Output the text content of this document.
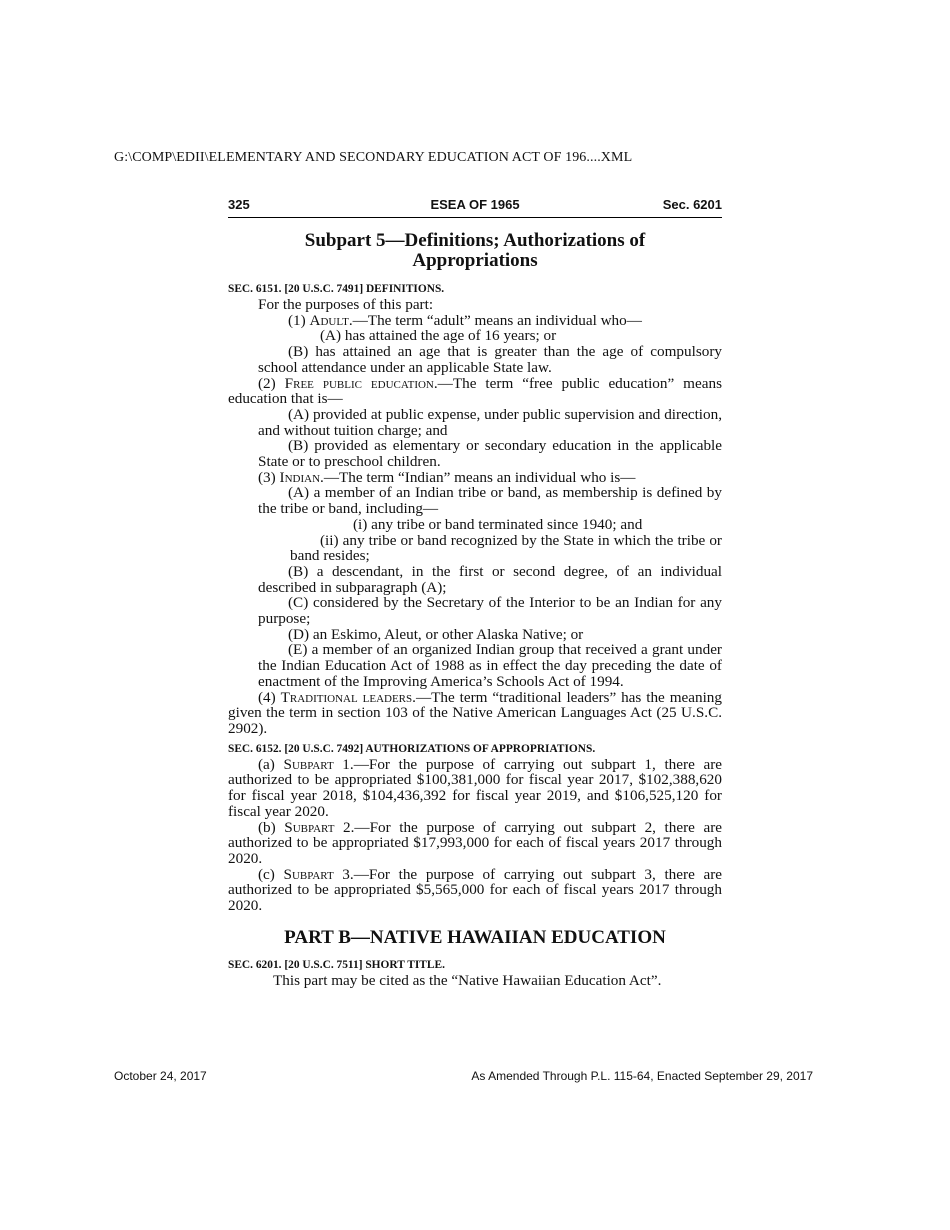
G:\COMP\EDII\ELEMENTARY AND SECONDARY EDUCATION ACT OF 196....XML
325	ESEA OF 1965	Sec. 6201
Subpart 5—Definitions; Authorizations of
Appropriations
SEC. 6151. [20 U.S.C. 7491] DEFINITIONS.

For the purposes of this part:

(1) Adult.—The term “adult” means an individual who—

(A) has attained the age of 16 years; or

(B) has attained an age that is greater than the age of compulsory school attendance under an applicable State law.

(2) Free public education.—The term “free public education” means education that is—

(A) provided at public expense, under public supervision and direction, and without tuition charge; and

(B) provided as elementary or secondary education in the applicable State or to preschool children.

(3) Indian.—The term “Indian” means an individual who is—

(A) a member of an Indian tribe or band, as membership is defined by the tribe or band, including—

(i) any tribe or band terminated since 1940; and

(ii) any tribe or band recognized by the State in which the tribe or band resides;

(B) a descendant, in the first or second degree, of an individual described in subparagraph (A);

(C) considered by the Secretary of the Interior to be an Indian for any purpose;

(D) an Eskimo, Aleut, or other Alaska Native; or

(E) a member of an organized Indian group that received a grant under the Indian Education Act of 1988 as in effect the day preceding the date of enactment of the Improving America’s Schools Act of 1994.

(4) Traditional leaders.—The term “traditional leaders” has the meaning given the term in section 103 of the Native American Languages Act (25 U.S.C. 2902).

SEC. 6152. [20 U.S.C. 7492] AUTHORIZATIONS OF APPROPRIATIONS.

(a) Subpart 1.—For the purpose of carrying out subpart 1, there are authorized to be appropriated $100,381,000 for fiscal year 2017, $102,388,620 for fiscal year 2018, $104,436,392 for fiscal year 2019, and $106,525,120 for fiscal year 2020.

(b) Subpart 2.—For the purpose of carrying out subpart 2, there are authorized to be appropriated $17,993,000 for each of fiscal years 2017 through 2020.

(c) Subpart 3.—For the purpose of carrying out subpart 3, there are authorized to be appropriated $5,565,000 for each of fiscal years 2017 through 2020.

PART B—NATIVE HAWAIIAN EDUCATION
SEC. 6201. [20 U.S.C. 7511] SHORT TITLE.

This part may be cited as the “Native Hawaiian Education Act”.

October 24, 2017	As Amended Through P.L. 115-64, Enacted September 29, 2017
